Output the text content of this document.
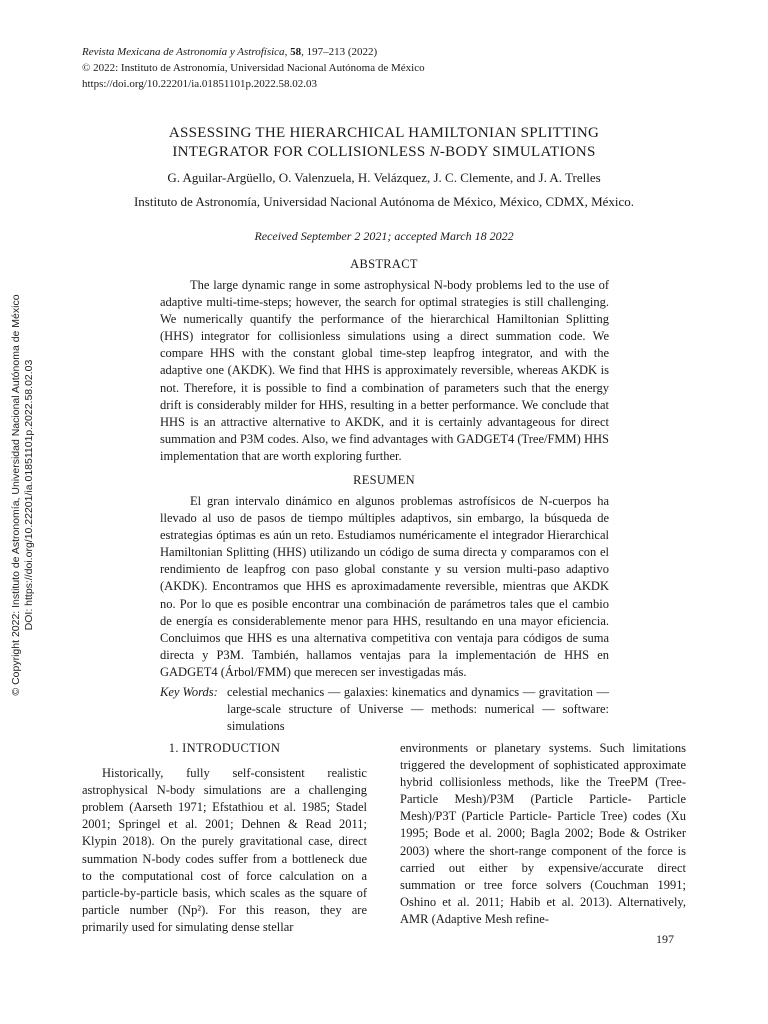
Revista Mexicana de Astronomía y Astrofísica, 58, 197–213 (2022)
© 2022: Instituto de Astronomía, Universidad Nacional Autónoma de México
https://doi.org/10.22201/ia.01851101p.2022.58.02.03
© Copyright 2022: Instituto de Astronomía, Universidad Nacional Autónoma de México DOI: https://doi.org/10.22201/ia.01851101p.2022.58.02.03
ASSESSING THE HIERARCHICAL HAMILTONIAN SPLITTING
INTEGRATOR FOR COLLISIONLESS N-BODY SIMULATIONS
G. Aguilar-Argüello, O. Valenzuela, H. Velázquez, J. C. Clemente, and J. A. Trelles
Instituto de Astronomía, Universidad Nacional Autónoma de México, México, CDMX, México.
Received September 2 2021; accepted March 18 2022
ABSTRACT

The large dynamic range in some astrophysical N-body problems led to the use of adaptive multi-time-steps; however, the search for optimal strategies is still challenging. We numerically quantify the performance of the hierarchical Hamiltonian Splitting (HHS) integrator for collisionless simulations using a direct summation code. We compare HHS with the constant global time-step leapfrog integrator, and with the adaptive one (AKDK). We find that HHS is approximately reversible, whereas AKDK is not. Therefore, it is possible to find a combination of parameters such that the energy drift is considerably milder for HHS, resulting in a better performance. We conclude that HHS is an attractive alternative to AKDK, and it is certainly advantageous for direct summation and P3M codes. Also, we find advantages with GADGET4 (Tree/FMM) HHS implementation that are worth exploring further.

RESUMEN

El gran intervalo dinámico en algunos problemas astrofísicos de N-cuerpos ha llevado al uso de pasos de tiempo múltiples adaptivos, sin embargo, la búsqueda de estrategias óptimas es aún un reto. Estudiamos numéricamente el integrador Hierarchical Hamiltonian Splitting (HHS) utilizando un código de suma directa y comparamos con el rendimiento de leapfrog con paso global constante y su version multi-paso adaptivo (AKDK). Encontramos que HHS es aproximadamente reversible, mientras que AKDK no. Por lo que es posible encontrar una combinación de parámetros tales que el cambio de energía es considerablemente menor para HHS, resultando en una mayor eficiencia. Concluimos que HHS es una alternativa competitiva con ventaja para códigos de suma directa y P3M. También, hallamos ventajas para la implementación de HHS en GADGET4 (Árbol/FMM) que merecen ser investigadas más.

Key Words: celestial mechanics — galaxies: kinematics and dynamics — gravitation — large-scale structure of Universe — methods: numerical — software: simulations
1. INTRODUCTION

Historically, fully self-consistent realistic astrophysical N-body simulations are a challenging problem (Aarseth 1971; Efstathiou et al. 1985; Stadel 2001; Springel et al. 2001; Dehnen & Read 2011; Klypin 2018). On the purely gravitational case, direct summation N-body codes suffer from a bottleneck due to the computational cost of force calculation on a particle-by-particle basis, which scales as the square of particle number (Np²). For this reason, they are primarily used for simulating dense stellar

environments or planetary systems. Such limitations triggered the development of sophisticated approximate hybrid collisionless methods, like the TreePM (Tree-Particle Mesh)/P3M (Particle Particle- Particle Mesh)/P3T (Particle Particle- Particle Tree) codes (Xu 1995; Bode et al. 2000; Bagla 2002; Bode & Ostriker 2003) where the short-range component of the force is carried out either by expensive/accurate direct summation or tree force solvers (Couchman 1991; Oshino et al. 2011; Habib et al. 2013). Alternatively, AMR (Adaptive Mesh refine-

197
